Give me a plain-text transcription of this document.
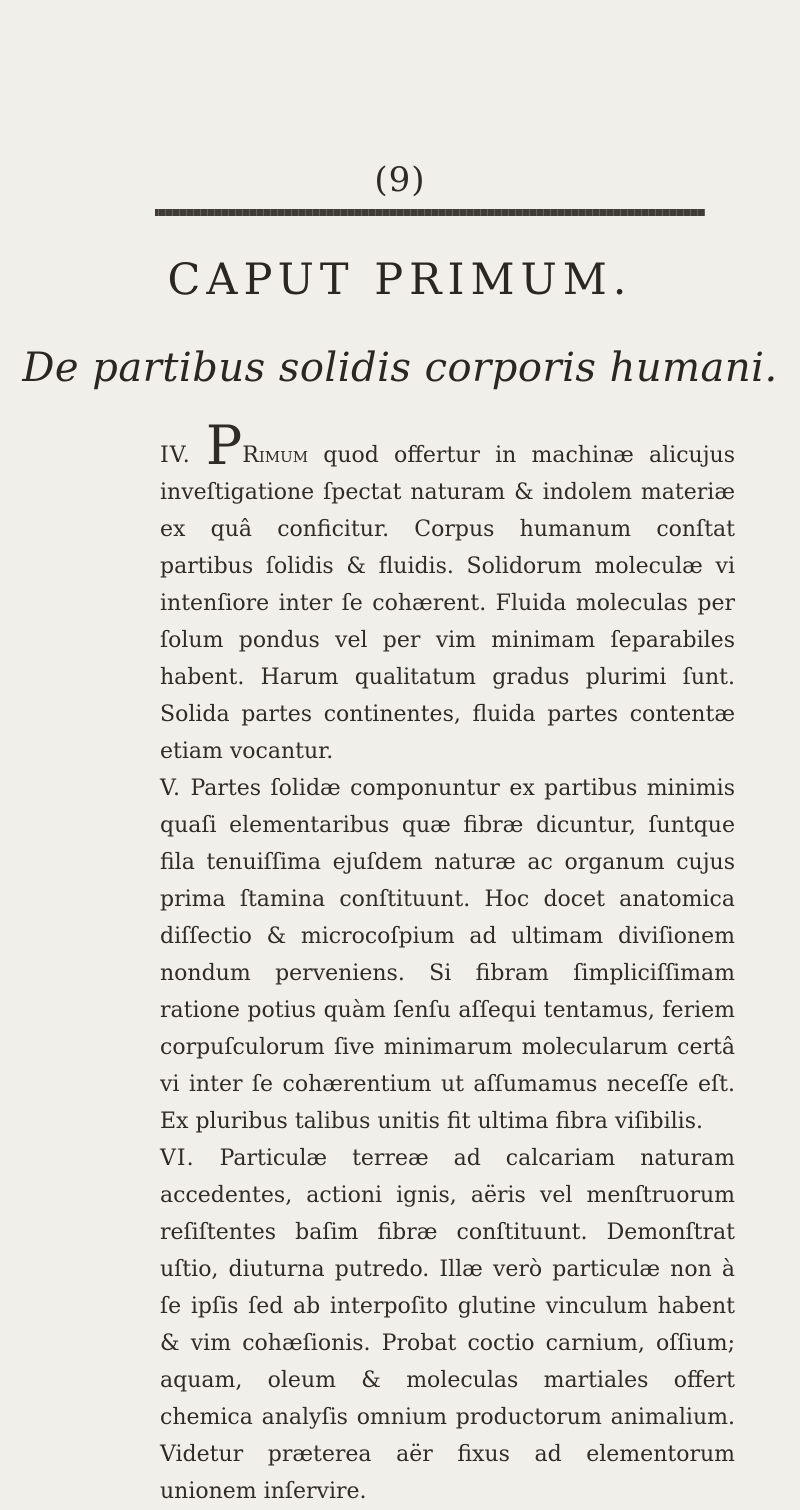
(9)
CAPUT PRIMUM.
De partibus solidis corporis humani.

IV. PRimum quod offertur in machinæ alicujus inveſtigatione ſpectat naturam & indolem materiæ ex quâ conficitur. Corpus humanum conſtat partibus ſolidis & fluidis. Solidorum moleculæ vi intenſiore inter ſe cohærent. Fluida moleculas per ſolum pondus vel per vim minimam ſeparabiles habent. Harum qualitatum gradus plurimi ſunt. Solida partes continentes, fluida partes contentæ etiam vocantur.

V. Partes ſolidæ componuntur ex partibus minimis quaſi elementaribus quæ fibræ dicuntur, ſuntque fila tenuiſſima ejuſdem naturæ ac organum cujus prima ſtamina conſtituunt. Hoc docet anatomica diſſectio & microcoſpium ad ultimam diviſionem nondum perveniens. Si fibram ſimpliciſſimam ratione potius quàm ſenſu aſſequi tentamus, feriem corpuſculorum ſive minimarum molecularum certâ vi inter ſe cohærentium ut aſſumamus neceſſe eſt. Ex pluribus talibus unitis fit ultima fibra viſibilis.

VI. Particulæ terreæ ad calcariam naturam accedentes, actioni ignis, aëris vel menſtruorum reſiſtentes baſim fibræ conſtituunt. Demonſtrat uſtio, diuturna putredo. Illæ verò particulæ non à ſe ipſis ſed ab interpoſito glutine vinculum habent & vim cohæſionis. Probat coctio carnium, oſſium; aquam, oleum & moleculas martiales offert chemica analyſis omnium productorum animalium. Videtur præterea aër fixus ad elementorum unionem inſervire.
